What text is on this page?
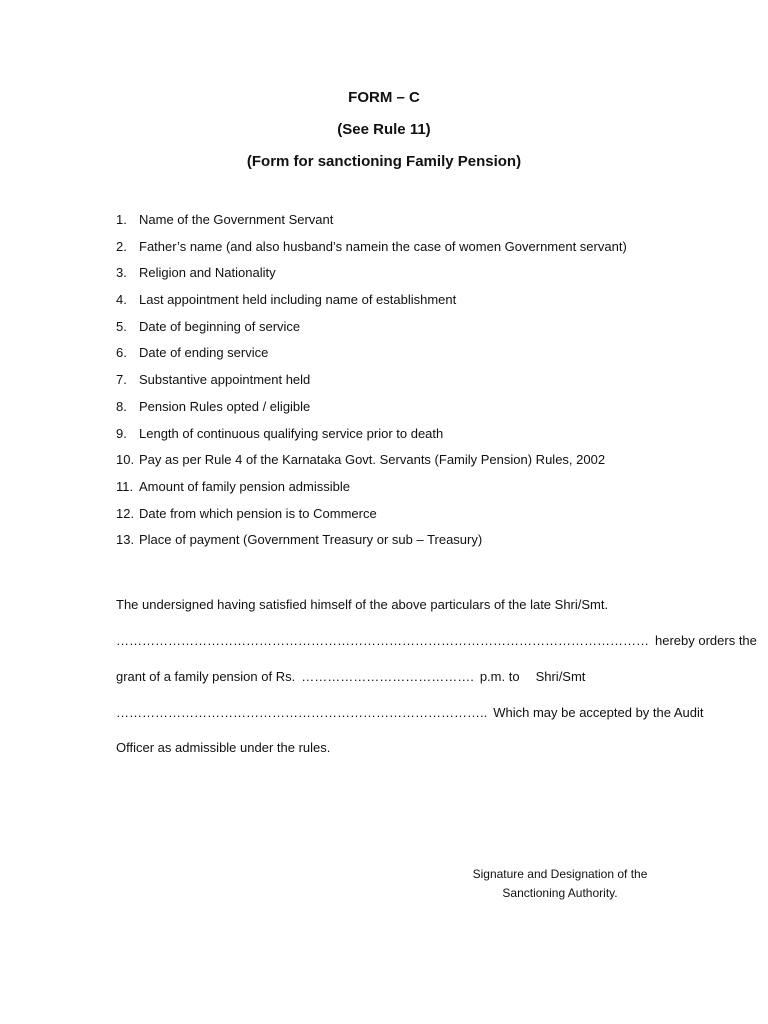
FORM – C
(See Rule 11)
(Form for sanctioning Family Pension)
1. Name of the Government Servant
2. Father’s name (and also husband’s namein the case of women Government servant)
3. Religion and Nationality
4. Last appointment held including name of establishment
5. Date of beginning of service
6. Date of ending service
7. Substantive appointment held
8. Pension Rules opted / eligible
9. Length of continuous qualifying service prior to death
10. Pay as per Rule 4 of the Karnataka Govt. Servants (Family Pension) Rules, 2002
11. Amount of family pension admissible
12. Date from which pension is to Commerce
13. Place of payment (Government Treasury or sub – Treasury)
The undersigned having satisfied himself of the above particulars of the late Shri/Smt.
…………………………………………………………………………………………………………… hereby orders the
grant of a family pension of Rs. …………………………………. p.m. to Shri/Smt
………………………………………………………………………….. Which may be accepted by the Audit
Officer as admissible under the rules.
Signature and Designation of the
Sanctioning Authority.
